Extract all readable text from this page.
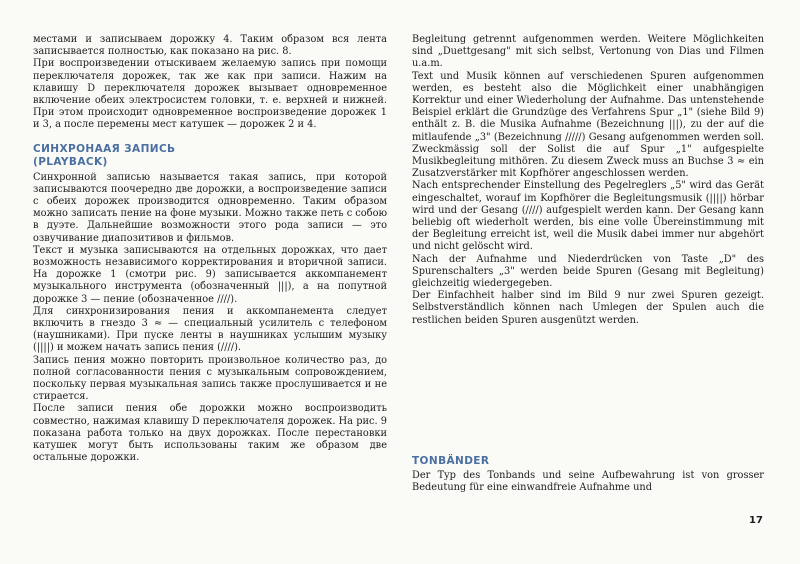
местами и записываем дорожку 4. Таким образом вся лента записывается полностью, как показано на рис. 8.

При воспроизведении отыскиваем желаемую запись при помощи переключателя дорожек, так же как при записи. Нажим на клавишу D переключателя дорожек вызывает одновременное включение обеих электросистем головки, т. е. верхней и нижней. При этом происходит одновременное воспроизведение дорожек 1 и 3, а после перемены мест катушек — дорожек 2 и 4.

СИНХРОНААЯ ЗАПИСЬ

(PLAYBACK)

Синхронной записью называется такая запись, при которой записываются поочередно две дорожки, а воспроизведение записи с обеих дорожек производится одновременно. Таким образом можно записать пение на фоне музыки. Можно также петь с собою в дуэте. Дальнейшие возможности этого рода записи — это озвучивание диапозитивов и фильмов.

Текст и музыка записываются на отдельных дорожках, что дает возможность независимого корректирования и вторичной записи. На дорожке 1 (смотри рис. 9) записывается аккомпанемент музыкального инструмента (обозначенный |||), а на попутной дорожке 3 — пение (обозначенное ////).

Для синхронизирования пения и аккомпанемента следует включить в гнездо 3 ≈ — специальный усилитель с телефоном (наушниками). При пуске ленты в наушниках услышим музыку (||||) и можем начать запись пения (////).

Запись пения можно повторить произвольное количество раз, до полной согласованности пения с музыкальным сопровождением, поскольку первая музыкальная запись также прослушивается и не стирается.

После записи пения обе дорожки можно воспроизводить совместно, нажимая клавишу D переключателя дорожек. На рис. 9 показана работа только на двух дорожках. После перестановки катушек могут быть использованы таким же образом две остальные дорожки.

Begleitung getrennt aufgenommen werden. Weitere Möglichkeiten sind „Duettgesang" mit sich selbst, Vertonung von Dias und Filmen u.a.m.

Text und Musik können auf verschiedenen Spuren aufgenommen werden, es besteht also die Möglichkeit einer unabhängigen Korrektur und einer Wiederholung der Aufnahme. Das untenstehende Beispiel erklärt die Grundzüge des Verfahrens Spur „1" (siehe Bild 9) enthält z. B. die Musika Aufnahme (Bezeichnung |||), zu der auf die mitlaufende „3" (Bezeichnung /////) Gesang aufgenommen werden soll. Zweckmässig soll der Solist die auf Spur „1" aufgespielte Musikbegleitung mithören. Zu diesem Zweck muss an Buchse 3 ≈ ein Zusatzverstärker mit Kopfhörer angeschlossen werden.

Nach entsprechender Einstellung des Pegelreglers „5" wird das Gerät eingeschaltet, worauf im Kopfhörer die Begleitungsmusik (||||) hörbar wird und der Gesang (////) aufgespielt werden kann. Der Gesang kann beliebig oft wiederholt werden, bis eine volle Übereinstimmung mit der Begleitung erreicht ist, weil die Musik dabei immer nur abgehört und nicht gelöscht wird.

Nach der Aufnahme und Niederdrücken von Taste „D" des Spurenschalters „3" werden beide Spuren (Gesang mit Begleitung) gleichzeitig wiedergegeben.

Der Einfachheit halber sind im Bild 9 nur zwei Spuren gezeigt. Selbstverständlich können nach Umlegen der Spulen auch die restlichen beiden Spuren ausgenützt werden.

TONBÄNDER

Der Typ des Tonbands und seine Aufbewahrung ist von grosser Bedeutung für eine einwandfreie Aufnahme und

17
